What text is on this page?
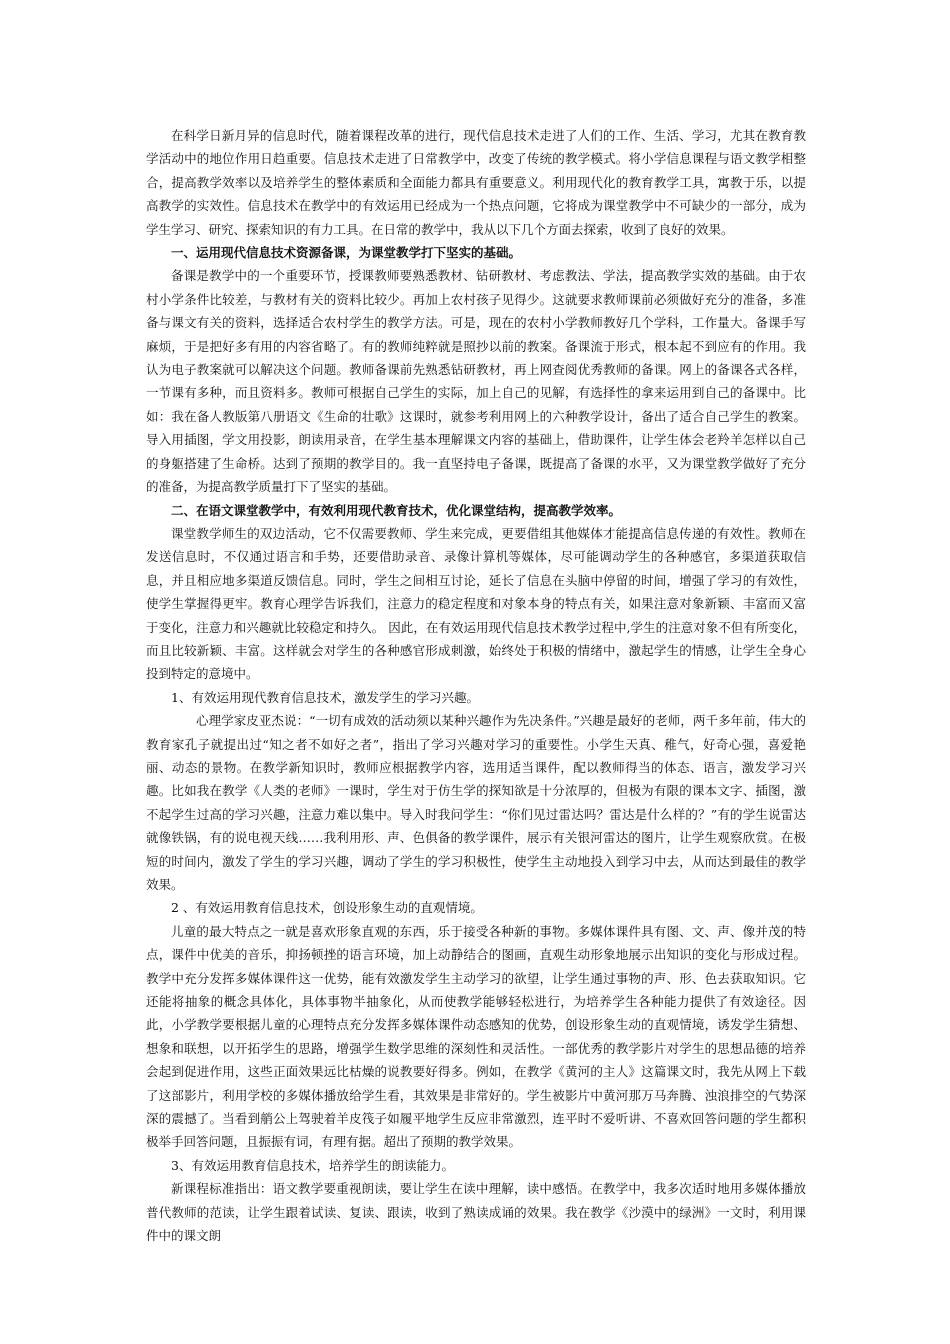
在科学日新月异的信息时代，随着课程改革的进行，现代信息技术走进了人们的工作、生活、学习，尤其在教育教学活动中的地位作用日趋重要。信息技术走进了日常教学中，改变了传统的教学模式。将小学信息课程与语文教学相整合，提高教学效率以及培养学生的整体素质和全面能力都具有重要意义。利用现代化的教育教学工具，寓教于乐，以提高教学的实效性。信息技术在教学中的有效运用已经成为一个热点问题，它将成为课堂教学中不可缺少的一部分，成为学生学习、研究、探索知识的有力工具。在日常的教学中，我从以下几个方面去探索，收到了良好的效果。

一、运用现代信息技术资源备课，为课堂教学打下坚实的基础。

备课是教学中的一个重要环节，授课教师要熟悉教材、钻研教材、考虑教法、学法，提高教学实效的基础。由于农村小学条件比较差，与教材有关的资料比较少。再加上农村孩子见得少。这就要求教师课前必须做好充分的准备，多准备与课文有关的资料，选择适合农村学生的教学方法。可是，现在的农村小学教师教好几个学科，工作量大。备课手写麻烦，于是把好多有用的内容省略了。有的教师纯粹就是照抄以前的教案。备课流于形式，根本起不到应有的作用。我认为电子教案就可以解决这个问题。教师备课前先熟悉钻研教材，再上网查阅优秀教师的备课。网上的备课各式各样，一节课有多种，而且资料多。教师可根据自己学生的实际，加上自己的见解，有选择性的拿来运用到自己的备课中。比如：我在备人教版第八册语文《生命的壮歌》这课时，就参考利用网上的六种教学设计，备出了适合自己学生的教案。导入用插图，学文用投影，朗读用录音，在学生基本理解课文内容的基础上，借助课件，让学生体会老羚羊怎样以自己的身躯搭建了生命桥。达到了预期的教学目的。我一直坚持电子备课，既提高了备课的水平，又为课堂教学做好了充分的准备，为提高教学质量打下了坚实的基础。

二、在语文课堂教学中，有效利用现代教育技术，优化课堂结构，提高教学效率。

课堂教学师生的双边活动，它不仅需要教师、学生来完成，更要借组其他媒体才能提高信息传递的有效性。教师在发送信息时，不仅通过语言和手势，还要借助录音、录像计算机等媒体，尽可能调动学生的各种感官，多渠道获取信息，并且相应地多渠道反馈信息。同时，学生之间相互讨论，延长了信息在头脑中停留的时间，增强了学习的有效性，使学生掌握得更牢。教育心理学告诉我们，注意力的稳定程度和对象本身的特点有关，如果注意对象新颖、丰富而又富于变化，注意力和兴趣就比较稳定和持久。 因此，在有效运用现代信息技术教学过程中,学生的注意对象不但有所变化，而且比较新颖、丰富。这样就会对学生的各种感官形成刺激，始终处于积极的情绪中，激起学生的情感，让学生全身心投到特定的意境中。

1、有效运用现代教育信息技术，激发学生的学习兴趣。

心理学家皮亚杰说：“一切有成效的活动须以某种兴趣作为先决条件。”兴趣是最好的老师，两千多年前，伟大的教育家孔子就提出过“知之者不如好之者”，指出了学习兴趣对学习的重要性。小学生天真、稚气，好奇心强，喜爱艳丽、动态的景物。在教学新知识时，教师应根据教学内容，选用适当课件，配以教师得当的体态、语言，激发学习兴趣。比如我在教学《人类的老师》一课时，学生对于仿生学的探知欲是十分浓厚的，但极为有限的课本文字、插图，激不起学生过高的学习兴趣，注意力难以集中。导入时我问学生：“你们见过雷达吗？雷达是什么样的？”有的学生说雷达就像铁锅，有的说电视天线……我利用形、声、色俱备的教学课件，展示有关银河雷达的图片，让学生观察欣赏。在极短的时间内，激发了学生的学习兴趣，调动了学生的学习积极性，使学生主动地投入到学习中去，从而达到最佳的教学效果。

2 、有效运用教育信息技术，创设形象生动的直观情境。

儿童的最大特点之一就是喜欢形象直观的东西，乐于接受各种新的事物。多媒体课件具有图、文、声、像并茂的特点，课件中优美的音乐，抑扬顿挫的语言环境，加上动静结合的图画，直观生动形象地展示出知识的变化与形成过程。教学中充分发挥多媒体课件这一优势，能有效激发学生主动学习的欲望，让学生通过事物的声、形、色去获取知识。它还能将抽象的概念具体化，具体事物半抽象化，从而使教学能够轻松进行，为培养学生各种能力提供了有效途径。因此，小学教学要根据儿童的心理特点充分发挥多媒体课件动态感知的优势，创设形象生动的直观情境，诱发学生猜想、想象和联想，以开拓学生的思路，增强学生数学思维的深刻性和灵活性。一部优秀的教学影片对学生的思想品德的培养会起到促进作用，这些正面效果远比枯燥的说教要好得多。例如，在教学《黄河的主人》这篇课文时，我先从网上下载了这部影片，利用学校的多媒体播放给学生看，其效果是非常好的。学生被影片中黄河那万马奔腾、浊浪排空的气势深深的震撼了。当看到艄公上驾驶着羊皮筏子如履平地学生反应非常激烈，连平时不爱听讲、不喜欢回答问题的学生都积极举手回答问题，且振振有词，有理有据。超出了预期的教学效果。

3、有效运用教育信息技术，培养学生的朗读能力。

新课程标准指出：语文教学要重视朗读，要让学生在读中理解，读中感悟。在教学中，我多次适时地用多媒体播放普代教师的范读，让学生跟着试读、复读、跟读，收到了熟读成诵的效果。我在教学《沙漠中的绿洲》一文时，利用课件中的课文朗
